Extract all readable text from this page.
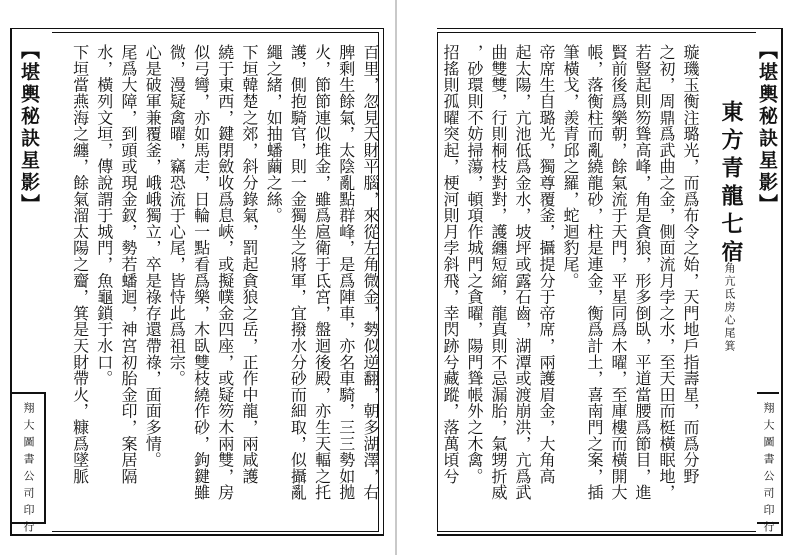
【堪輿秘訣星影】
翔大圖書公司印行	百里，忽見天財平腦，來從左角微金，勢似逆翻，朝多湖澤，右
脾剩生餘氣，太陰亂點群峰，是爲陣車，亦名車騎，三三勢如拋
火，節節連似堆金，雖爲扈衛于氐宮，盤迴後殿，亦生天輻之托
護，側抱騎官，則一金獨坐之將軍，宜撥水分砂而細取，似攝亂
繩之緒，如抽蟠繭之絲。
下垣韓楚之郊，斜分錄氣，罰起貪狼之岳，正作中龍，兩咸護
繞于東西，鍵閉斂收爲息峽，或擬幞金四座，或疑笏木兩雙，房
似弓彎，亦如馬走，日輪一點看爲樂，木臥雙枝繞作砂，鉤鍵雖
微，漫疑禽曜，竊恐流于心尾，皆恃此爲祖宗。
心是破軍兼覆釜，峨峨獨立，卒是祿存還帶祿，面面多情。
尾爲大障，到頭或現金釵，勢若蟠迴，神宮初胎金印，案居隔
水，橫列文垣，傳說謂于城門，魚龜鎖于水口。
下垣當燕海之纏，餘氣溜太陽之齏，箕是天財帶火，糠爲墜脈	【堪輿秘訣星影】
翔大圖書公司印行
東方青龍七宿
角亢氐房心尾箕
璇璣玉衡注璐光，而爲布令之始，天門地戶指壽星，而爲分野
之初，周鼎爲武曲之金，側面流月孛之水，至天田而梃橫眠地，
若豎起則笏聳高峰，角是貪狼，形多倒臥，平道當腰爲節目，進
賢前後爲樂朝，餘氣流于天門，平星同爲木曜，至庫樓而橫開大
帳，落衡柱而亂繞龍砂，柱是連金，衡爲計土，喜南門之案，插
筆橫戈，羨青邱之羅，蛇迴豹尾。
帝席生自璐光，獨尊覆釜，攝提分于帝席，兩護眉金，大角高
起太陽，亢池低爲金水，坡坪或露石齒，湖潭或渡崩洪，亢爲武
曲雙雙，行則桐枝對對，護纏短縮，龍真則不忌漏胎，氣甥折威
，砂環則不妨掃蕩，頓項作城門之貪曜，陽門聳帳外之木禽。
招搖則孤曜突起，梗河則月孛斜飛，幸閃跡兮藏蹤，落萬頃兮
